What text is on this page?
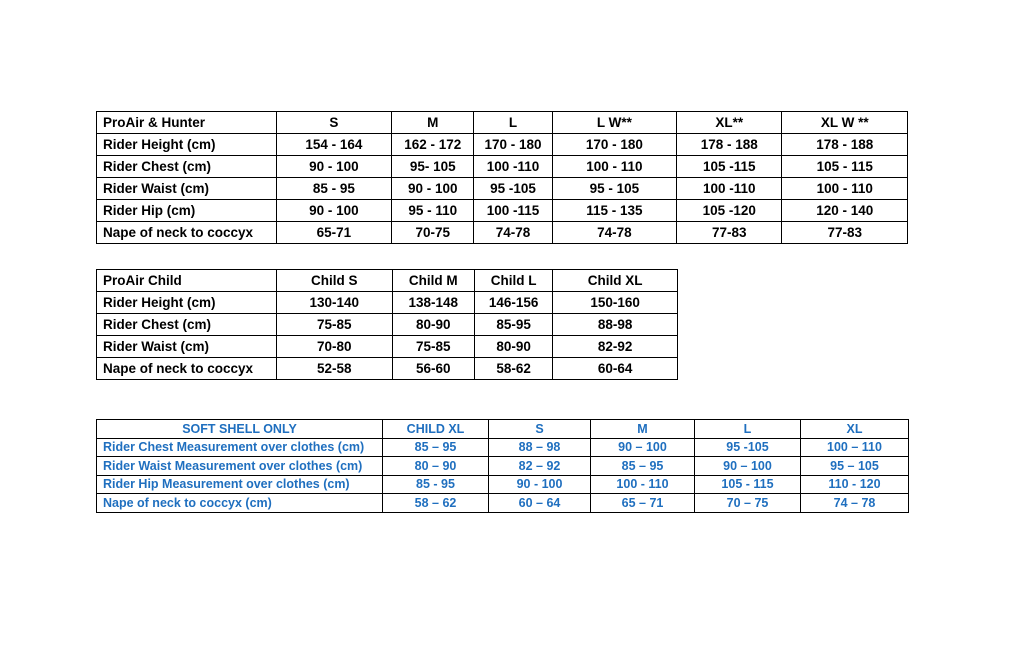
ProAir & Hunter	S	M	L	L W**	XL**	XL W **
Rider Height (cm)	154 - 164	162 - 172	170 - 180	170 - 180	178 - 188	178 - 188
Rider Chest (cm)	90 - 100	95- 105	100 -110	100 - 110	105 -115	105 - 115
Rider Waist (cm)	85 - 95	90 - 100	95 -105	95 - 105	100 -110	100 - 110
Rider Hip (cm)	90 - 100	95 - 110	100 -115	115 - 135	105 -120	120 - 140
Nape of neck to coccyx	65-71	70-75	74-78	74-78	77-83	77-83
ProAir Child	Child S	Child M	Child L	Child XL
Rider Height (cm)	130-140	138-148	146-156	150-160
Rider Chest (cm)	75-85	80-90	85-95	88-98
Rider Waist (cm)	70-80	75-85	80-90	82-92
Nape of neck to coccyx	52-58	56-60	58-62	60-64
SOFT SHELL ONLY	CHILD XL	S	M	L	XL
Rider Chest Measurement over clothes (cm)	85 – 95	88 – 98	90 – 100	95 -105	100 – 110
Rider Waist Measurement over clothes (cm)	80 – 90	82 – 92	85 – 95	90 – 100	95 – 105
Rider Hip Measurement over clothes (cm)	85 - 95	90 - 100	100 - 110	105 - 115	110 - 120
Nape of neck to coccyx (cm)	58 – 62	60 – 64	65 – 71	70 – 75	74 – 78
